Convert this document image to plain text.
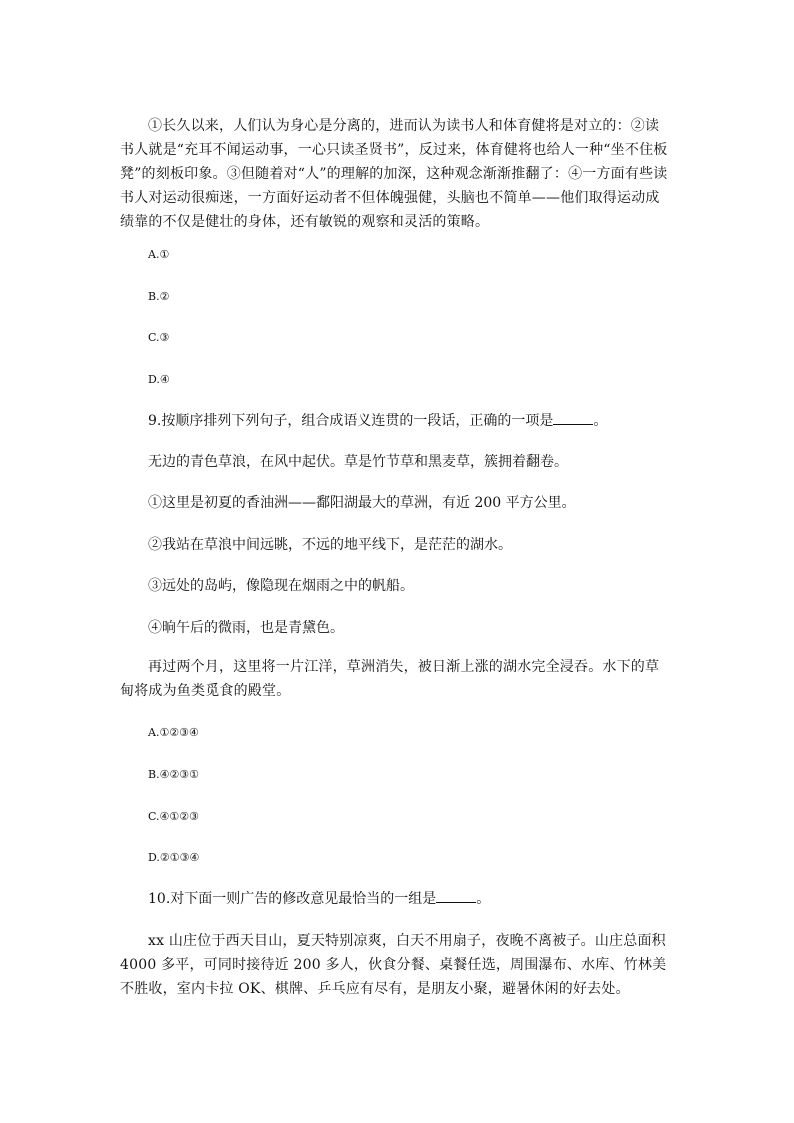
①长久以来，人们认为身心是分离的，进而认为读书人和体育健将是对立的：②读书人就是“充耳不闻运动事，一心只读圣贤书”，反过来，体育健将也给人一种“坐不住板凳”的刻板印象。③但随着对“人”的理解的加深，这种观念渐渐推翻了：④一方面有些读书人对运动很痴迷，一方面好运动者不但体魄强健，头脑也不简单——他们取得运动成绩靠的不仅是健壮的身体，还有敏锐的观察和灵活的策略。

A.①
B.②
C.③
D.④
9.按顺序排列下列句子，组合成语义连贯的一段话，正确的一项是	。
无边的青色草浪，在风中起伏。草是竹节草和黑麦草，簇拥着翻卷。
①这里是初夏的香油洲——鄱阳湖最大的草洲，有近 200 平方公里。
②我站在草浪中间远眺，不远的地平线下，是茫茫的湖水。
③远处的岛屿，像隐现在烟雨之中的帆船。
④晌午后的微雨，也是青黛色。

再过两个月，这里将一片江洋，草洲消失，被日渐上涨的湖水完全浸吞。水下的草甸将成为鱼类觅食的殿堂。

A.①②③④
B.④②③①
C.④①②③
D.②①③④
10.对下面一则广告的修改意见最恰当的一组是	。

xx 山庄位于西天目山，夏天特别凉爽，白天不用扇子，夜晚不离被子。山庄总面积 4000 多平，可同时接待近 200 多人，伙食分餐、桌餐任选，周围瀑布、水库、竹林美不胜收，室内卡拉 OK、棋牌、乒乓应有尽有，是朋友小聚，避暑休闲的好去处。
